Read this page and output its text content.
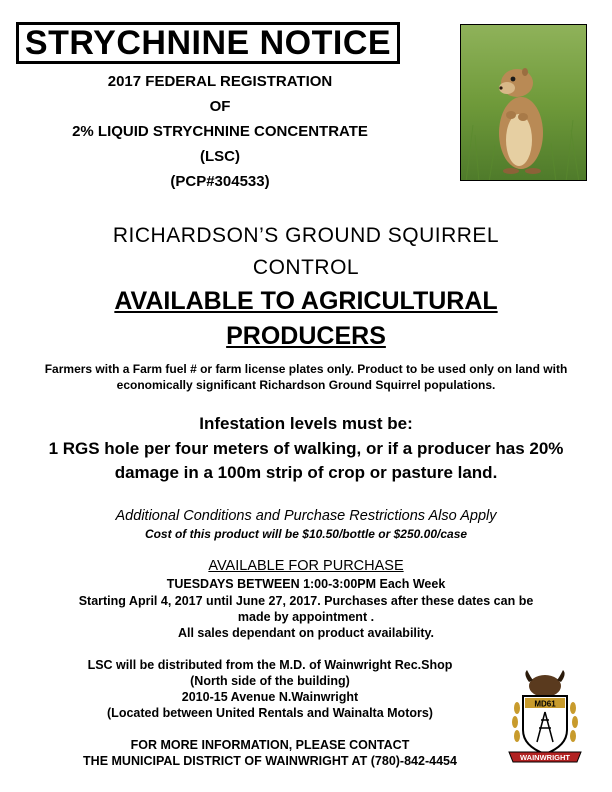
STRYCHNINE NOTICE
2017 FEDERAL REGISTRATION
OF
2% LIQUID STRYCHNINE CONCENTRATE
(LSC)
(PCP#304533)
RICHARDSON’S GROUND SQUIRREL
CONTROL
AVAILABLE TO AGRICULTURAL
PRODUCERS
Farmers with a Farm fuel # or farm license plates only. Product to be used only on land with
economically significant Richardson Ground Squirrel populations.
Infestation levels must be:
1 RGS hole per four meters of walking, or if a producer has 20%
damage in a 100m strip of crop or pasture land.
Additional Conditions and Purchase Restrictions Also Apply
Cost of this product will be $10.50/bottle or $250.00/case
AVAILABLE FOR PURCHASE
TUESDAYS BETWEEN 1:00-3:00PM Each Week
Starting April 4, 2017 until June 27, 2017. Purchases after these dates can be
made by appointment .
All sales dependant on product availability.
LSC will be distributed from the M.D. of Wainwright Rec.Shop
(North side of the building)
2010-15 Avenue N.Wainwright
(Located between United Rentals and Wainalta Motors)
FOR MORE INFORMATION, PLEASE CONTACT
THE MUNICIPAL DISTRICT OF WAINWRIGHT AT (780)-842-4454
MD61
WAINWRIGHT
